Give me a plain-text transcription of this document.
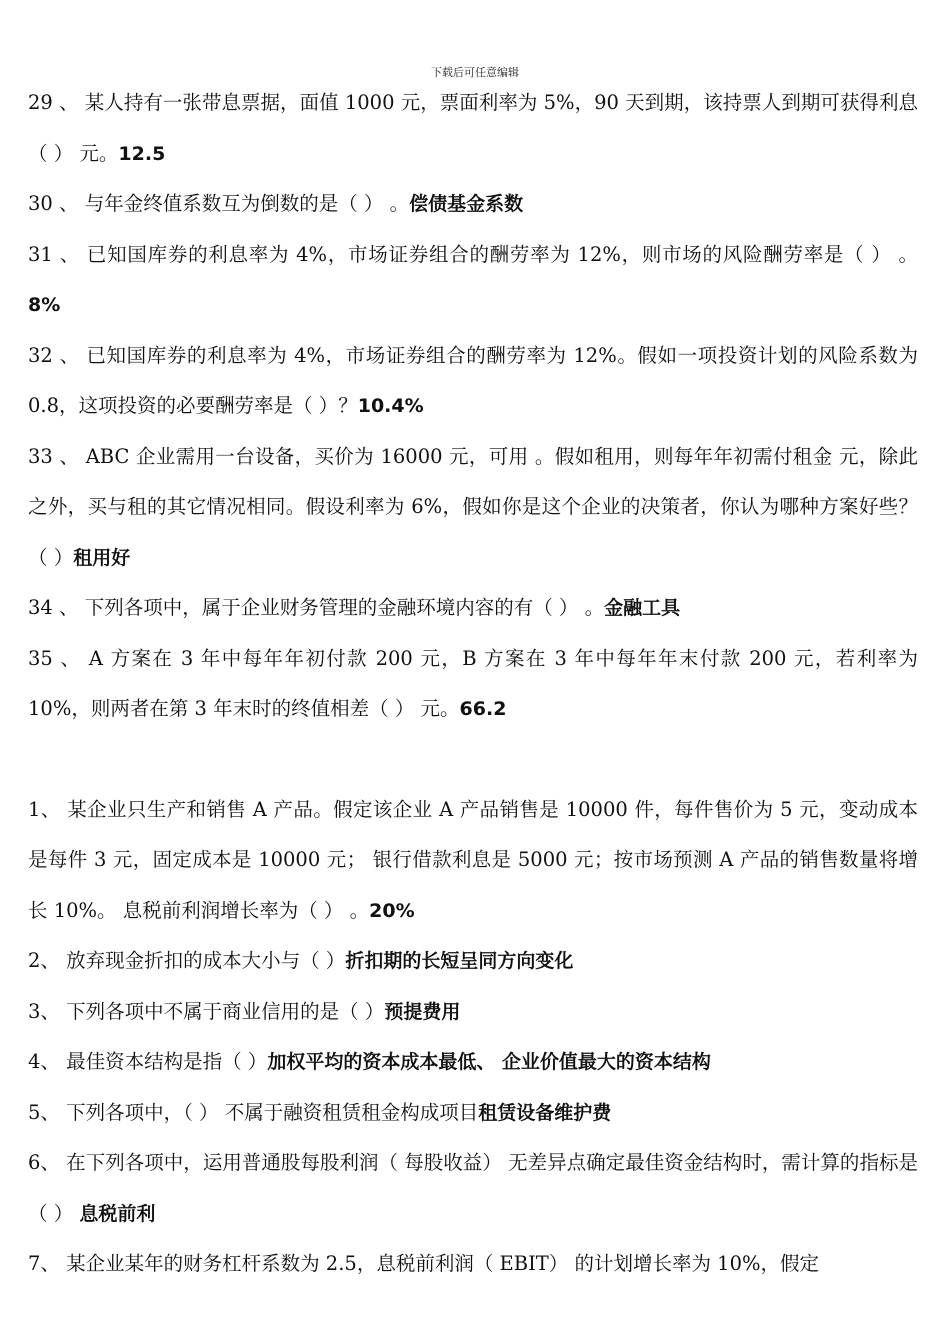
下载后可任意编辑
29 、 某人持有一张带息票据，面值 1000 元，票面利率为 5%，90 天到期，该持票人到期可获得利息（ ） 元。12.5
30 、 与年金终值系数互为倒数的是（ ） 。偿债基金系数
31 、 已知国库券的利息率为 4%，市场证券组合的酬劳率为 12%，则市场的风险酬劳率是（ ） 。8%
32 、 已知国库券的利息率为 4%，市场证券组合的酬劳率为 12%。假如一项投资计划的风险系数为 0.8，这项投资的必要酬劳率是（ ）？10.4%
33 、 ABC 企业需用一台设备，买价为 16000 元，可用 。假如租用，则每年年初需付租金 元，除此之外，买与租的其它情况相同。假设利率为 6%，假如你是这个企业的决策者，你认为哪种方案好些？（ ）租用好
34 、 下列各项中，属于企业财务管理的金融环境内容的有（ ） 。金融工具
35 、 A 方案在 3 年中每年年初付款 200 元，B 方案在 3 年中每年年末付款 200 元，若利率为 10%，则两者在第 3 年末时的终值相差（ ） 元。66.2
1、 某企业只生产和销售 A 产品。假定该企业 A 产品销售是 10000 件，每件售价为 5 元，变动成本是每件 3 元，固定成本是 10000 元； 银行借款利息是 5000 元；按市场预测 A 产品的销售数量将增长 10%。 息税前利润增长率为（ ） 。20%
2、 放弃现金折扣的成本大小与（ ）折扣期的长短呈同方向变化
3、 下列各项中不属于商业信用的是（ ）预提费用
4、 最佳资本结构是指（ ）加权平均的资本成本最低、 企业价值最大的资本结构
5、 下列各项中，（ ） 不属于融资租赁租金构成项目租赁设备维护费
6、 在下列各项中，运用普通股每股利润（ 每股收益） 无差异点确定最佳资金结构时，需计算的指标是（ ） 息税前利
7、 某企业某年的财务杠杆系数为 2.5，息税前利润（ EBIT） 的计划增长率为 10%，假定
